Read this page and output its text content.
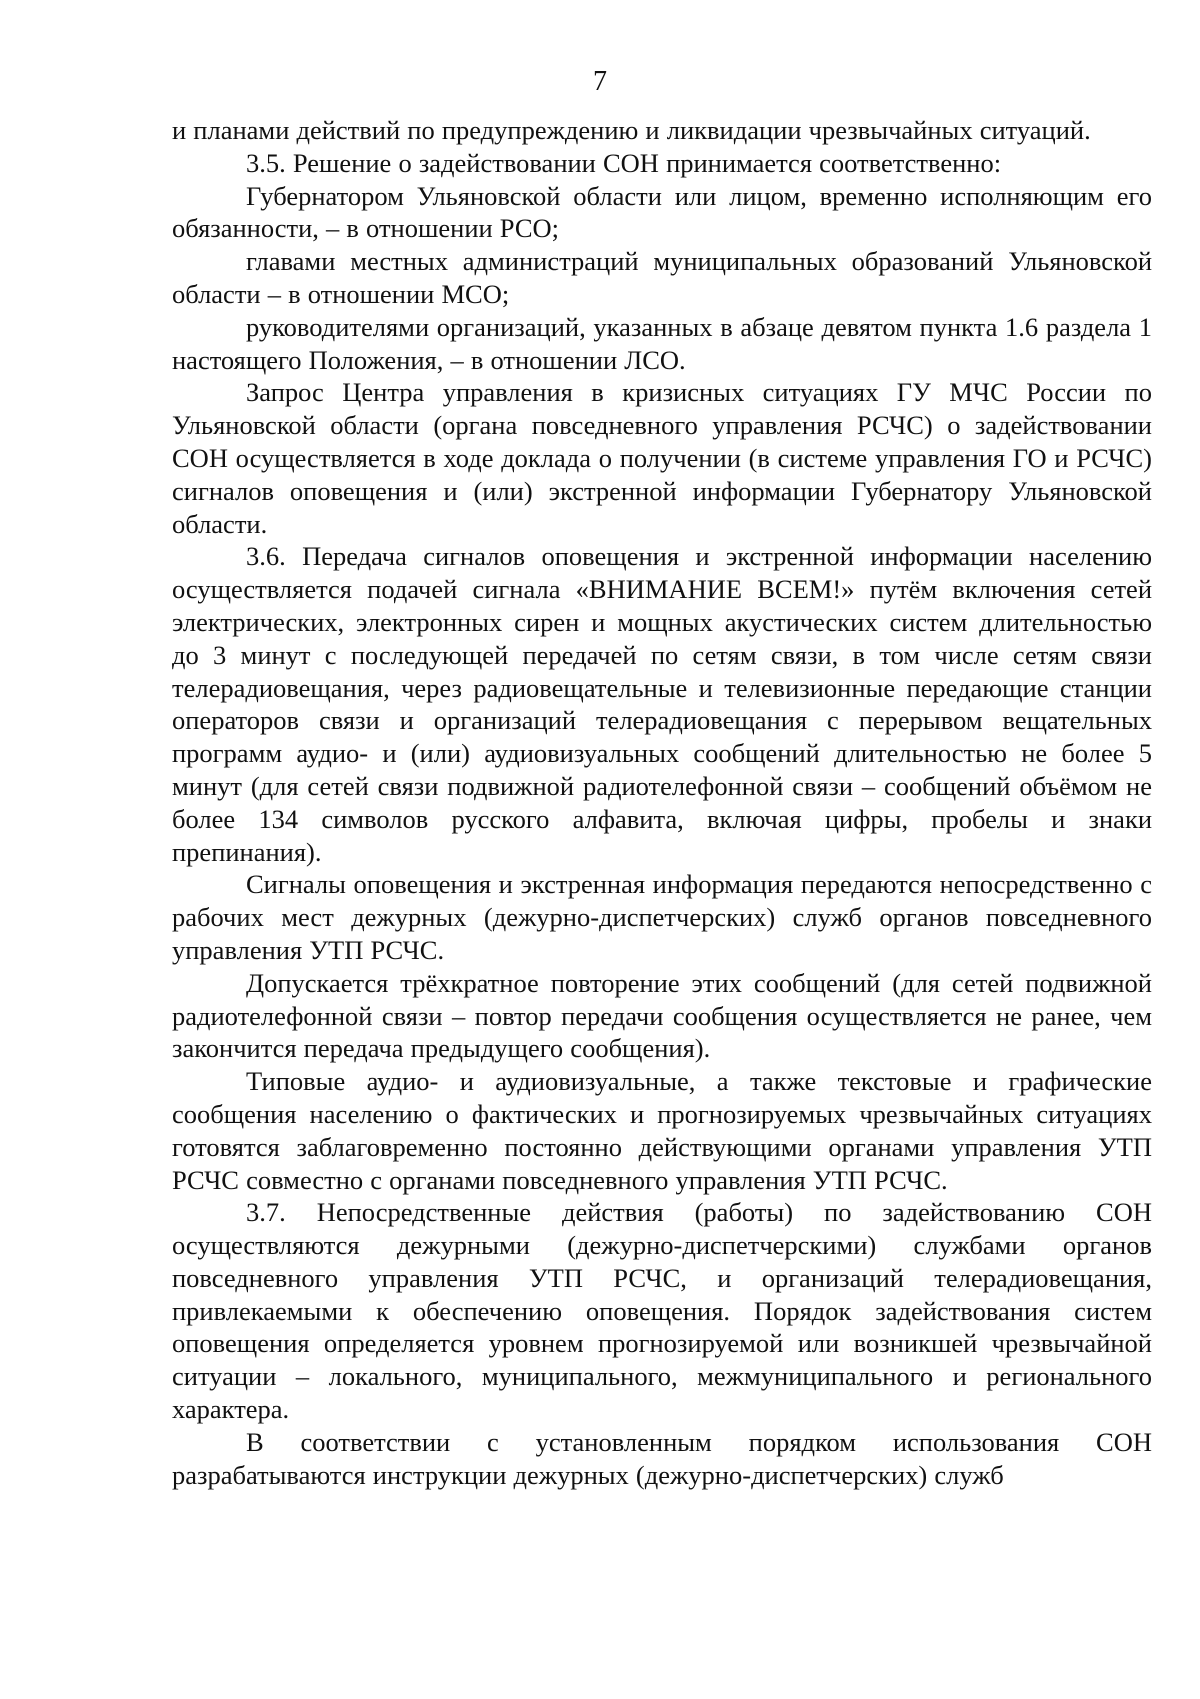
7

и планами действий по предупреждению и ликвидации чрезвычайных ситуаций.

3.5. Решение о задействовании СОН принимается соответственно:

Губернатором Ульяновской области или лицом, временно исполняющим его обязанности, – в отношении РСО;

главами местных администраций муниципальных образований Ульяновской области – в отношении МСО;

руководителями организаций, указанных в абзаце девятом пункта 1.6 раздела 1 настоящего Положения, – в отношении ЛСО.

Запрос Центра управления в кризисных ситуациях ГУ МЧС России по Ульяновской области (органа повседневного управления РСЧС) о задействовании СОН осуществляется в ходе доклада о получении (в системе управления ГО и РСЧС) сигналов оповещения и (или) экстренной информации Губернатору Ульяновской области.

3.6. Передача сигналов оповещения и экстренной информации населению осуществляется подачей сигнала «ВНИМАНИЕ ВСЕМ!» путём включения сетей электрических, электронных сирен и мощных акустических систем длительностью до 3 минут с последующей передачей по сетям связи, в том числе сетям связи телерадиовещания, через радиовещательные и телевизионные передающие станции операторов связи и организаций телерадиовещания с перерывом вещательных программ аудио- и (или) аудиовизуальных сообщений длительностью не более 5 минут (для сетей связи подвижной радиотелефонной связи – сообщений объёмом не более 134 символов русского алфавита, включая цифры, пробелы и знаки препинания).

Сигналы оповещения и экстренная информация передаются непосредственно с рабочих мест дежурных (дежурно-диспетчерских) служб органов повседневного управления УТП РСЧС.

Допускается трёхкратное повторение этих сообщений (для сетей подвижной радиотелефонной связи – повтор передачи сообщения осуществляется не ранее, чем закончится передача предыдущего сообщения).

Типовые аудио- и аудиовизуальные, а также текстовые и графические сообщения населению о фактических и прогнозируемых чрезвычайных ситуациях готовятся заблаговременно постоянно действующими органами управления УТП РСЧС совместно с органами повседневного управления УТП РСЧС.

3.7. Непосредственные действия (работы) по задействованию СОН осуществляются дежурными (дежурно-диспетчерскими) службами органов повседневного управления УТП РСЧС, и организаций телерадиовещания, привлекаемыми к обеспечению оповещения. Порядок задействования систем оповещения определяется уровнем прогнозируемой или возникшей чрезвычайной ситуации – локального, муниципального, межмуниципального и регионального характера.

В соответствии с установленным порядком использования СОН разрабатываются инструкции дежурных (дежурно-диспетчерских) служб
